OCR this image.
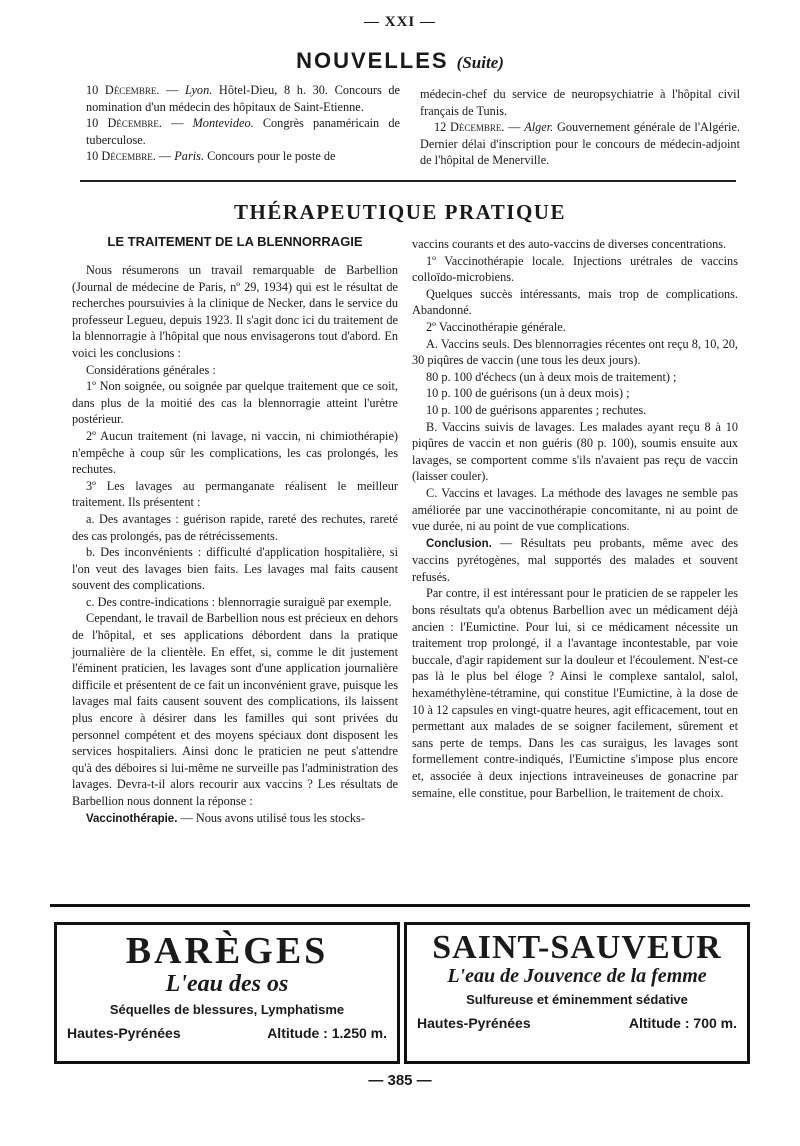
— XXI —
NOUVELLES (Suite)

10 Décembre. — Lyon. Hôtel-Dieu, 8 h. 30. Concours de nomination d'un médecin des hôpitaux de Saint-Etienne.

10 Décembre. — Montevideo. Congrès panaméricain de tuberculose.

10 Décembre. — Paris. Concours pour le poste de

médecin-chef du service de neuropsychiatrie à l'hôpital civil français de Tunis.

12 Décembre. — Alger. Gouvernement générale de l'Algérie. Dernier délai d'inscription pour le concours de médecin-adjoint de l'hôpital de Menerville.

THÉRAPEUTIQUE PRATIQUE
LE TRAITEMENT DE LA BLENNORRAGIE

Nous résumerons un travail remarquable de Barbellion (Journal de médecine de Paris, nº 29, 1934) qui est le résultat de recherches poursuivies à la clinique de Necker, dans le service du professeur Legueu, depuis 1923. Il s'agit donc ici du traitement de la blennorragie à l'hôpital que nous envisagerons tout d'abord. En voici les conclusions :

Considérations générales :

1º Non soignée, ou soignée par quelque traitement que ce soit, dans plus de la moitié des cas la blennorragie atteint l'urètre postérieur.

2º Aucun traitement (ni lavage, ni vaccin, ni chimiothérapie) n'empêche à coup sûr les complications, les cas prolongés, les rechutes.

3º Les lavages au permanganate réalisent le meilleur traitement. Ils présentent :

a. Des avantages : guérison rapide, rareté des rechutes, rareté des cas prolongés, pas de rétrécissements.

b. Des inconvénients : difficulté d'application hospitalière, si l'on veut des lavages bien faits. Les lavages mal faits causent souvent des complications.

c. Des contre-indications : blennorragie suraiguë par exemple.

Cependant, le travail de Barbellion nous est précieux en dehors de l'hôpital, et ses applications débordent dans la pratique journalière de la clientèle. En effet, si, comme le dit justement l'éminent praticien, les lavages sont d'une application journalière difficile et présentent de ce fait un inconvénient grave, puisque les lavages mal faits causent souvent des complications, ils laissent plus encore à désirer dans les familles qui sont privées du personnel compétent et des moyens spéciaux dont disposent les services hospitaliers. Ainsi donc le praticien ne peut s'attendre qu'à des déboires si lui-même ne surveille pas l'administration des lavages. Devra-t-il alors recourir aux vaccins ? Les résultats de Barbellion nous donnent la réponse :

Vaccinothérapie. — Nous avons utilisé tous les stocks-

vaccins courants et des auto-vaccins de diverses concentrations.

1º Vaccinothérapie locale. Injections urétrales de vaccins colloïdo-microbiens.

Quelques succès intéressants, mais trop de complications. Abandonné.

2º Vaccinothérapie générale.

A. Vaccins seuls. Des blennorragies récentes ont reçu 8, 10, 20, 30 piqûres de vaccin (une tous les deux jours).

80 p. 100 d'échecs (un à deux mois de traitement) ;

10 p. 100 de guérisons (un à deux mois) ;

10 p. 100 de guérisons apparentes ; rechutes.

B. Vaccins suivis de lavages. Les malades ayant reçu 8 à 10 piqûres de vaccin et non guéris (80 p. 100), soumis ensuite aux lavages, se comportent comme s'ils n'avaient pas reçu de vaccin (laisser couler).

C. Vaccins et lavages. La méthode des lavages ne semble pas améliorée par une vaccinothérapie concomitante, ni au point de vue durée, ni au point de vue complications.

Conclusion. — Résultats peu probants, même avec des vaccins pyrétogènes, mal supportés des malades et souvent refusés.

Par contre, il est intéressant pour le praticien de se rappeler les bons résultats qu'a obtenus Barbellion avec un médicament déjà ancien : l'Eumictine. Pour lui, si ce médicament nécessite un traitement trop prolongé, il a l'avantage incontestable, par voie buccale, d'agir rapidement sur la douleur et l'écoulement. N'est-ce pas là le plus bel éloge ? Ainsi le complexe santalol, salol, hexaméthylène-tétramine, qui constitue l'Eumictine, à la dose de 10 à 12 capsules en vingt-quatre heures, agit efficacement, tout en permettant aux malades de se soigner facilement, sûrement et sans perte de temps. Dans les cas suraigus, les lavages sont formellement contre-indiqués, l'Eumictine s'impose plus encore et, associée à deux injections intraveineuses de gonacrine par semaine, elle constitue, pour Barbellion, le traitement de choix.

BARÈGES
L'eau des os
Séquelles de blessures, Lymphatisme
Hautes-Pyrénées	Altitude : 1.250 m.
SAINT-SAUVEUR
L'eau de Jouvence de la femme
Sulfureuse et éminemment sédative
Hautes-Pyrénées	Altitude : 700 m.
— 385 —
